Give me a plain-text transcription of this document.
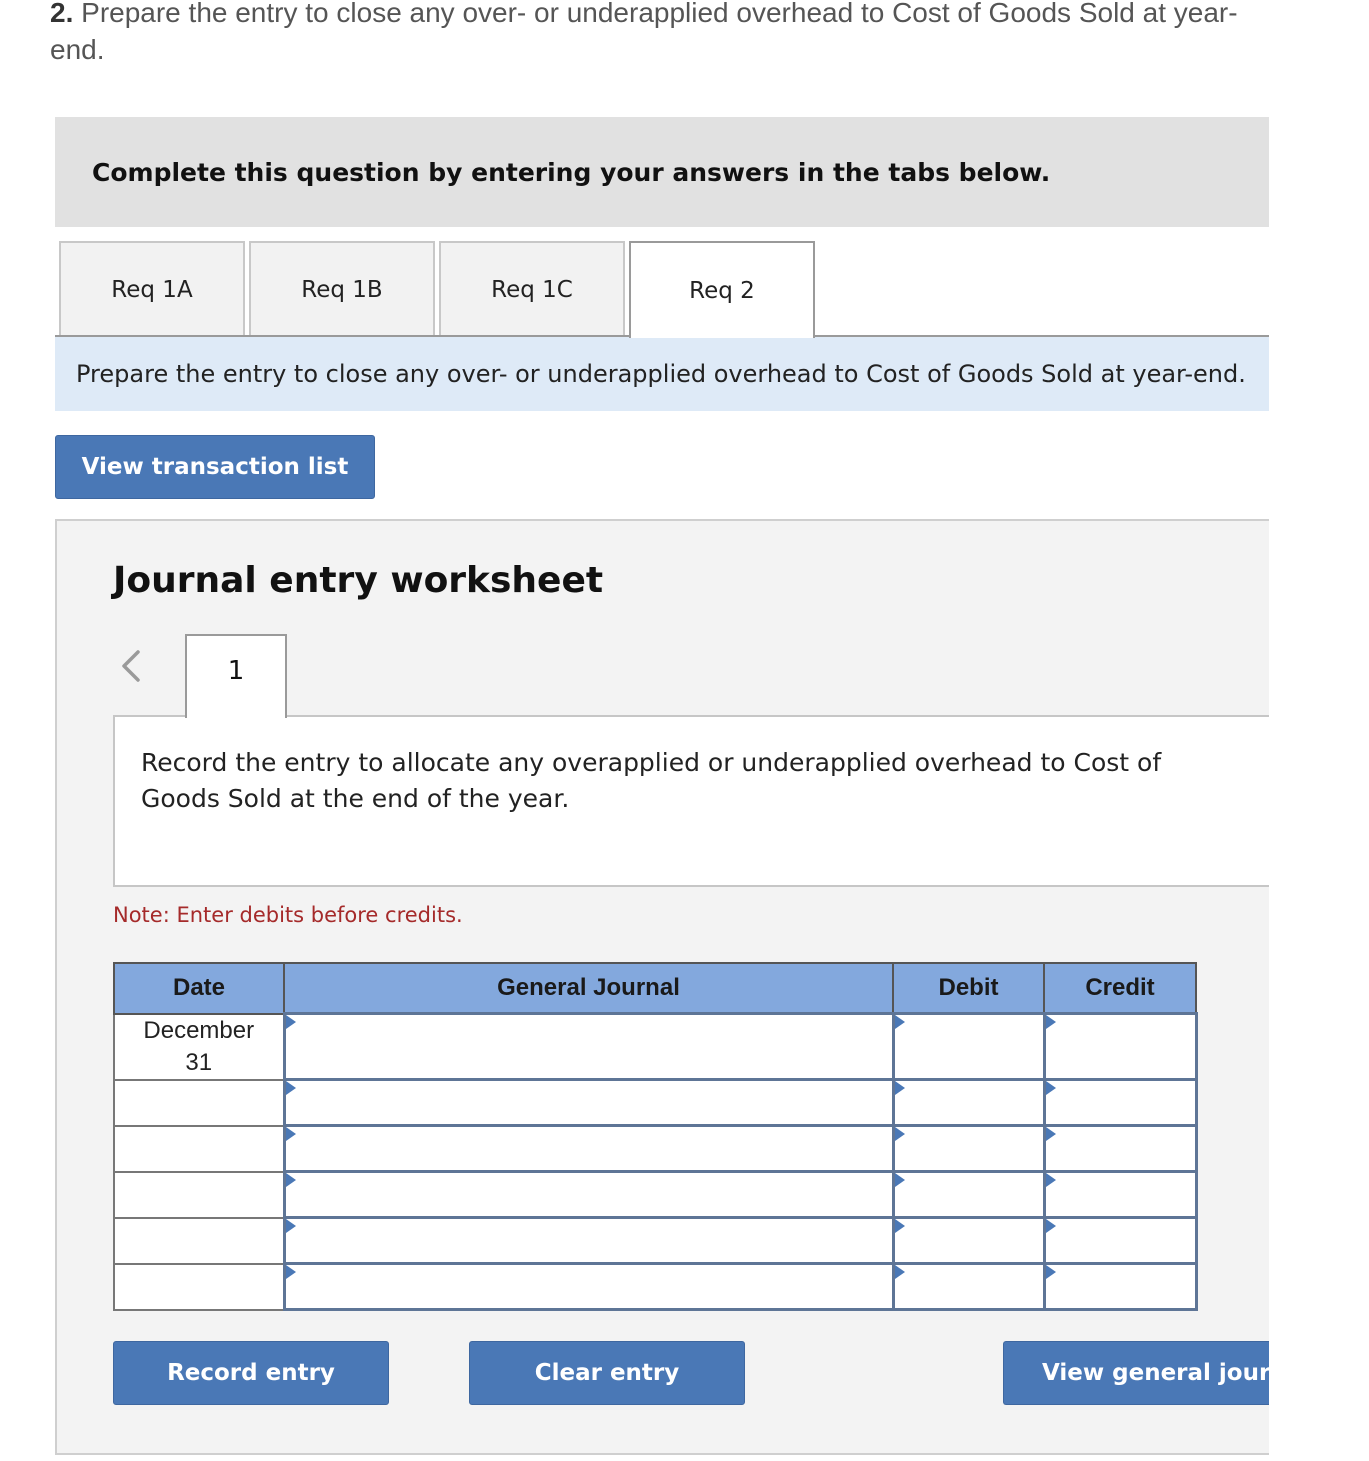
2. Prepare the entry to close any over- or underapplied overhead to Cost of Goods Sold at year-end.
Complete this question by entering your answers in the tabs below.
Req 1A	Req 1B	Req 1C	Req 2
Prepare the entry to close any over- or underapplied overhead to Cost of Goods Sold at year-end.
View transaction list
Journal entry worksheet
1
Record the entry to allocate any overapplied or underapplied overhead to Cost of Goods Sold at the end of the year.
Note: Enter debits before credits.
Date	General Journal	Debit	Credit

December 31

Record entry	Clear entry	View general journal
